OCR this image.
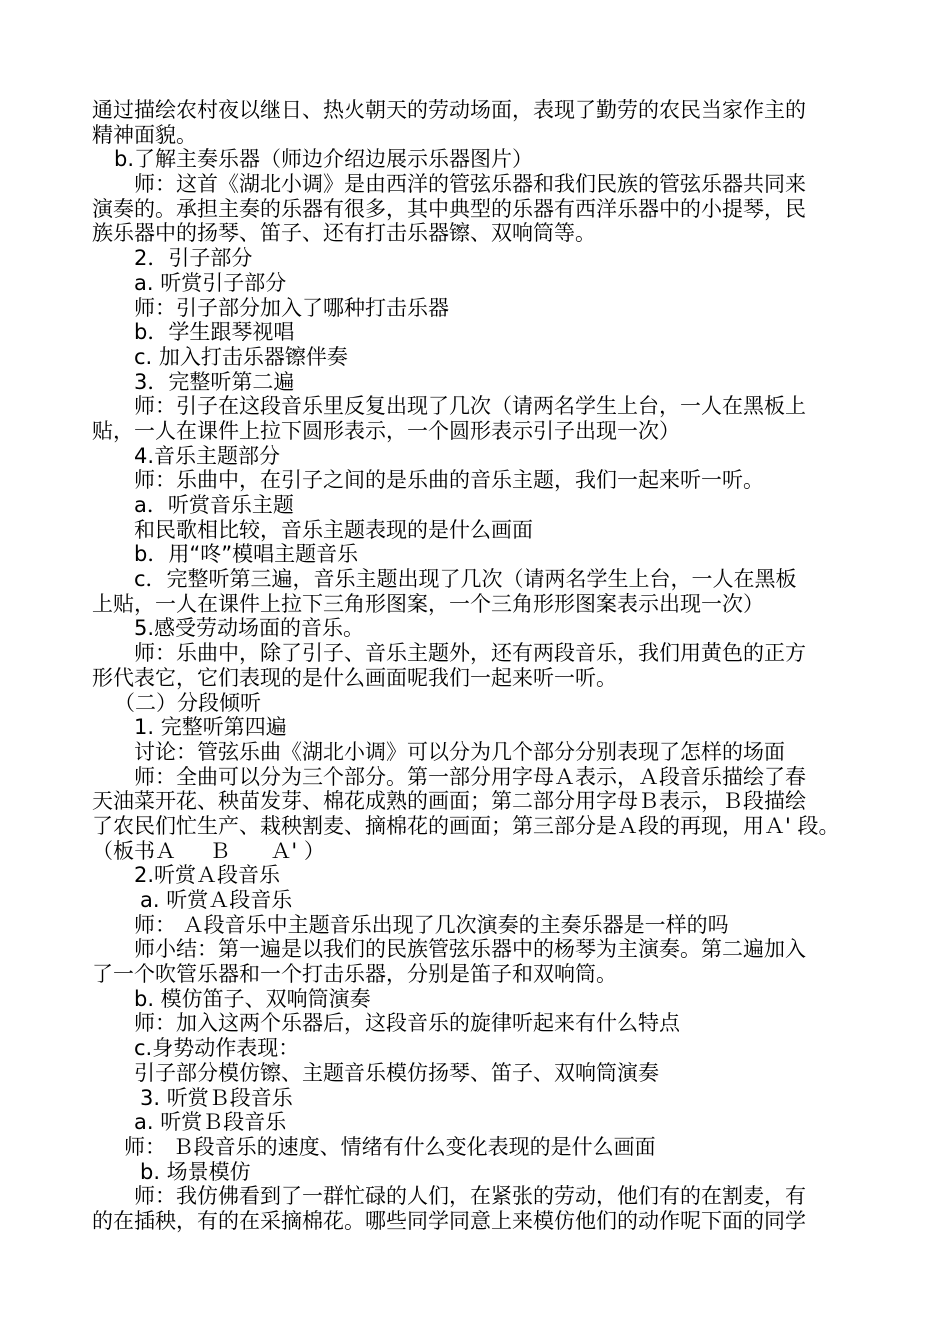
通过描绘农村夜以继日、热火朝天的劳动场面，表现了勤劳的农民当家作主的
精神面貌。
b.了解主奏乐器（师边介绍边展示乐器图片）
师：这首《湖北小调》是由西洋的管弦乐器和我们民族的管弦乐器共同来
演奏的。承担主奏的乐器有很多，其中典型的乐器有西洋乐器中的小提琴，民
族乐器中的扬琴、笛子、还有打击乐器镲、双响筒等。
2．引子部分
a. 听赏引子部分
师：引子部分加入了哪种打击乐器
b．学生跟琴视唱
c. 加入打击乐器镲伴奏
3．完整听第二遍
师：引子在这段音乐里反复出现了几次（请两名学生上台，一人在黑板上
贴，一人在课件上拉下圆形表示，一个圆形表示引子出现一次）
4.音乐主题部分
师：乐曲中，在引子之间的是乐曲的音乐主题，我们一起来听一听。
a．听赏音乐主题
和民歌相比较，音乐主题表现的是什么画面
b．用“咚”模唱主题音乐
c．完整听第三遍，音乐主题出现了几次（请两名学生上台，一人在黑板
上贴，一人在课件上拉下三角形图案，一个三角形形图案表示出现一次）
5.感受劳动场面的音乐。
师：乐曲中，除了引子、音乐主题外，还有两段音乐，我们用黄色的正方
形代表它，它们表现的是什么画面呢我们一起来听一听。
（二）分段倾听
1. 完整听第四遍
讨论：管弦乐曲《湖北小调》可以分为几个部分分别表现了怎样的场面
师：全曲可以分为三个部分。第一部分用字母Ａ表示，Ａ段音乐描绘了春
天油菜开花、秧苗发芽、棉花成熟的画面；第二部分用字母Ｂ表示，Ｂ段描绘
了农民们忙生产、栽秧割麦、摘棉花的画面；第三部分是Ａ段的再现，用Ａ' 段。
（板书Ａ     Ｂ      Ａ' ）
2.听赏Ａ段音乐
a. 听赏Ａ段音乐
师： Ａ段音乐中主题音乐出现了几次演奏的主奏乐器是一样的吗
师小结：第一遍是以我们的民族管弦乐器中的杨琴为主演奏。第二遍加入
了一个吹管乐器和一个打击乐器，分别是笛子和双响筒。
b. 模仿笛子、双响筒演奏
师：加入这两个乐器后，这段音乐的旋律听起来有什么特点
c.身势动作表现：
引子部分模仿镲、主题音乐模仿扬琴、笛子、双响筒演奏
3. 听赏Ｂ段音乐
a. 听赏Ｂ段音乐
师： Ｂ段音乐的速度、情绪有什么变化表现的是什么画面
b. 场景模仿
师：我仿佛看到了一群忙碌的人们，在紧张的劳动，他们有的在割麦，有
的在插秧，有的在采摘棉花。哪些同学同意上来模仿他们的动作呢下面的同学
